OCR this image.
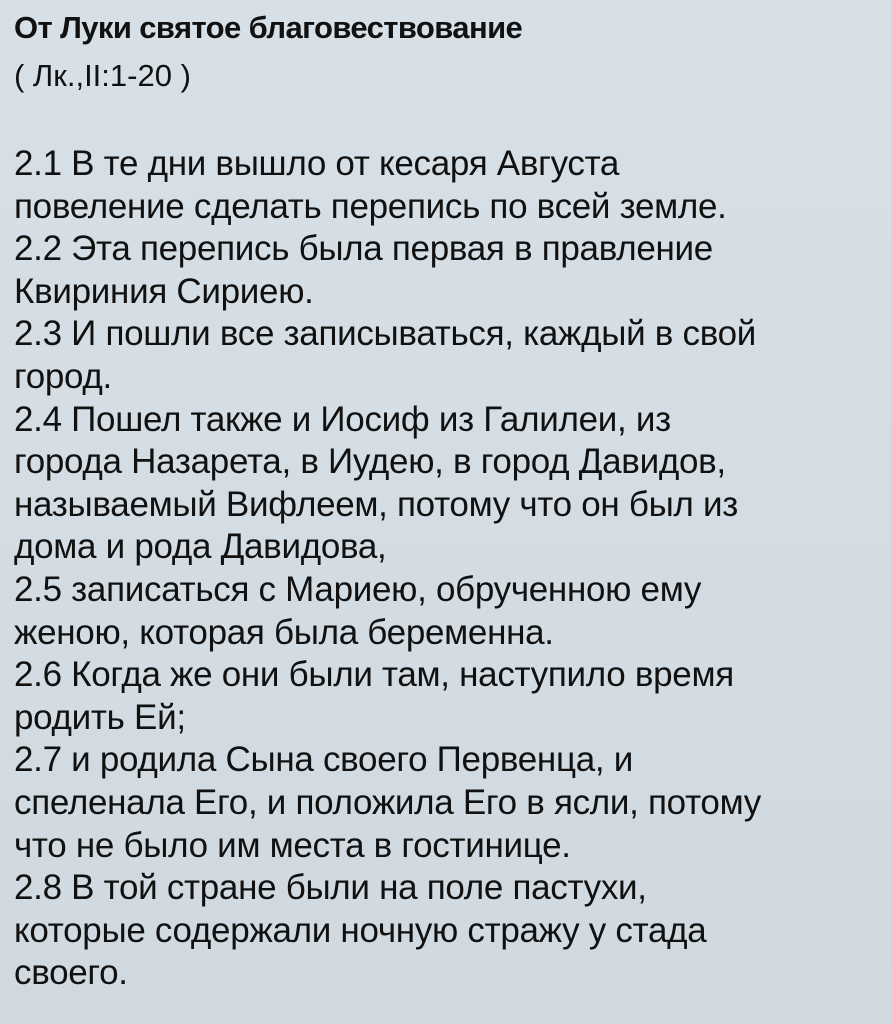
От Луки святое благовествование
( Лк.,II:1-20 )
2.1 В те дни вышло от кесаря Августа
повеление сделать перепись по всей земле.
2.2 Эта перепись была первая в правление
Квириния Сириею.
2.3 И пошли все записываться, каждый в свой
город.
2.4 Пошел также и Иосиф из Галилеи, из
города Назарета, в Иудею, в город Давидов,
называемый Вифлеем, потому что он был из
дома и рода Давидова,
2.5 записаться с Мариею, обрученною ему
женою, которая была беременна.
2.6 Когда же они были там, наступило время
родить Ей;
2.7 и родила Сына своего Первенца, и
спеленала Его, и положила Его в ясли, потому
что не было им места в гостинице.
2.8 В той стране были на поле пастухи,
которые содержали ночную стражу у стада
своего.
